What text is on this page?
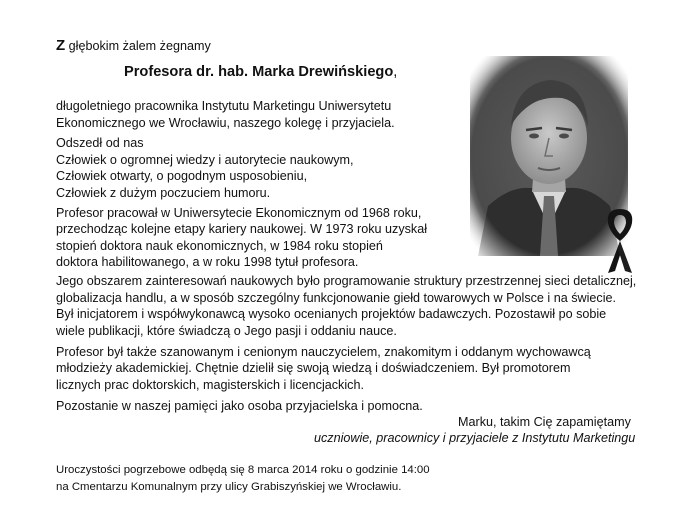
Z głębokim żalem żegnamy
Profesora dr. hab. Marka Drewińskiego,
długoletniego pracownika Instytutu Marketingu Uniwersytetu
Ekonomicznego we Wrocławiu, naszego kolegę i przyjaciela.
Odszedł od nas
Człowiek o ogromnej wiedzy i autorytecie naukowym,
Człowiek otwarty, o pogodnym usposobieniu,
Człowiek z dużym poczuciem humoru.
Profesor pracował w Uniwersytecie Ekonomicznym od 1968 roku,
przechodząc kolejne etapy kariery naukowej. W 1973 roku uzyskał
stopień doktora nauk ekonomicznych, w 1984 roku stopień
doktora habilitowanego, a w roku 1998 tytuł profesora.
Jego obszarem zainteresowań naukowych było programowanie struktury przestrzennej sieci detalicznej,
globalizacja handlu, a w sposób szczególny funkcjonowanie giełd towarowych w Polsce i na świecie.
Był inicjatorem i współwykonawcą wysoko ocenianych projektów badawczych. Pozostawił po sobie
wiele publikacji, które świadczą o Jego pasji i oddaniu nauce.
Profesor był także szanowanym i cenionym nauczycielem, znakomitym i oddanym wychowawcą
młodzieży akademickiej. Chętnie dzielił się swoją wiedzą i doświadczeniem. Był promotorem
licznych prac doktorskich, magisterskich i licencjackich.
Pozostanie w naszej pamięci jako osoba przyjacielska i pomocna.
Marku, takim Cię zapamiętamy
uczniowie, pracownicy i przyjaciele z Instytutu Marketingu
Uroczystości pogrzebowe odbędą się 8 marca 2014 roku o godzinie 14:00
na Cmentarzu Komunalnym przy ulicy Grabiszyńskiej we Wrocławiu.
